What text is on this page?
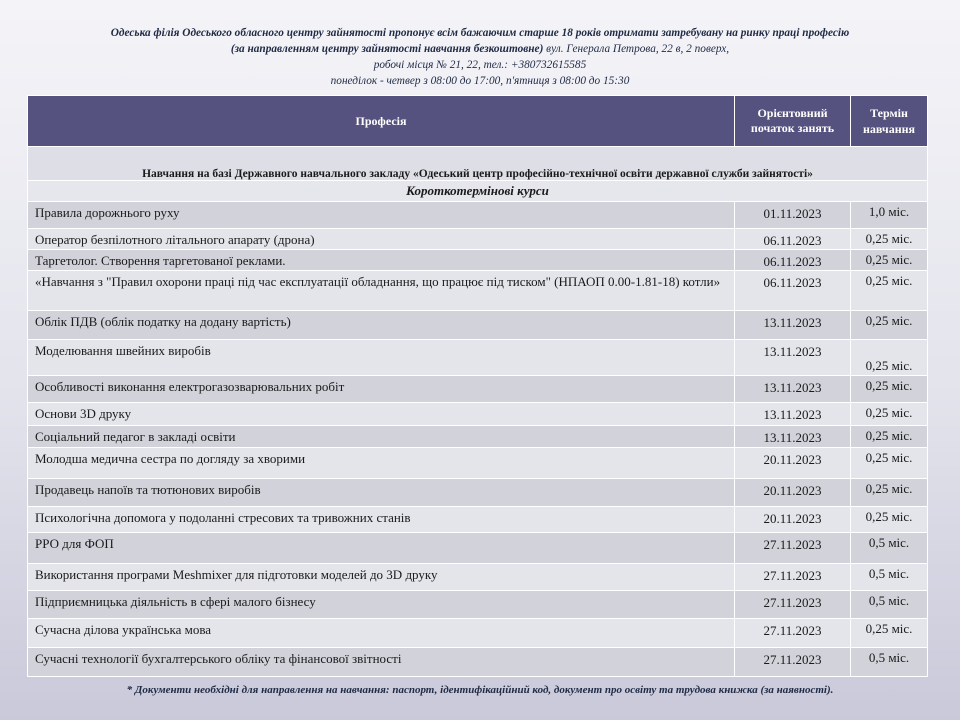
Одеська філія Одеського обласного центру зайнятості пропонує всім бажаючим старше 18 років отримати затребувану на ринку праці професію
(за направленням центру зайнятості навчання безкоштовне) вул. Генерала Петрова, 22 в, 2 поверх,
робочі місця № 21, 22, тел.: +380732615585
понеділок - четвер з 08:00 до 17:00, п'ятниця з 08:00 до 15:30
Професія	Орієнтовний початок занять	Термін навчання
Навчання на базі Державного навчального закладу «Одеський центр професійно-технічної освіти державної служби зайнятості»		
Короткотермінові курси		
Правила дорожнього руху	01.11.2023	1,0 міс.
Оператор безпілотного літального апарату (дрона)	06.11.2023	0,25 міс.
Таргетолог. Створення таргетованої реклами.	06.11.2023	0,25 міс.
«Навчання з "Правил охорони праці під час експлуатації обладнання, що працює під тиском" (НПАОП 0.00-1.81-18) котли»	06.11.2023	0,25 міс.
Облік ПДВ (облік податку на додану вартість)	13.11.2023	0,25 міс.
Моделювання швейних виробів	13.11.2023	0,25 міс.
Особливості виконання електрогазозварювальних робіт	13.11.2023	0,25 міс.
Основи 3D друку	13.11.2023	0,25 міс.
Соціальний педагог в закладі освіти	13.11.2023	0,25 міс.
Молодша медична сестра по догляду за хворими	20.11.2023	0,25 міс.
Продавець напоїв та тютюнових виробів	20.11.2023	0,25 міс.
Психологічна допомога у подоланні стресових та тривожних станів	20.11.2023	0,25 міс.
РРО для ФОП	27.11.2023	0,5 міс.
Використання програми Meshmixer для підготовки моделей до 3D друку	27.11.2023	0,5 міс.
Підприємницька діяльність в сфері малого бізнесу	27.11.2023	0,5 міс.
Сучасна ділова українська мова	27.11.2023	0,25 міс.
Сучасні технології бухгалтерського обліку та фінансової звітності	27.11.2023	0,5 міс.
* Документи необхідні для направлення на навчання: паспорт, ідентифікаційний код, документ про освіту та трудова книжка (за наявності).
